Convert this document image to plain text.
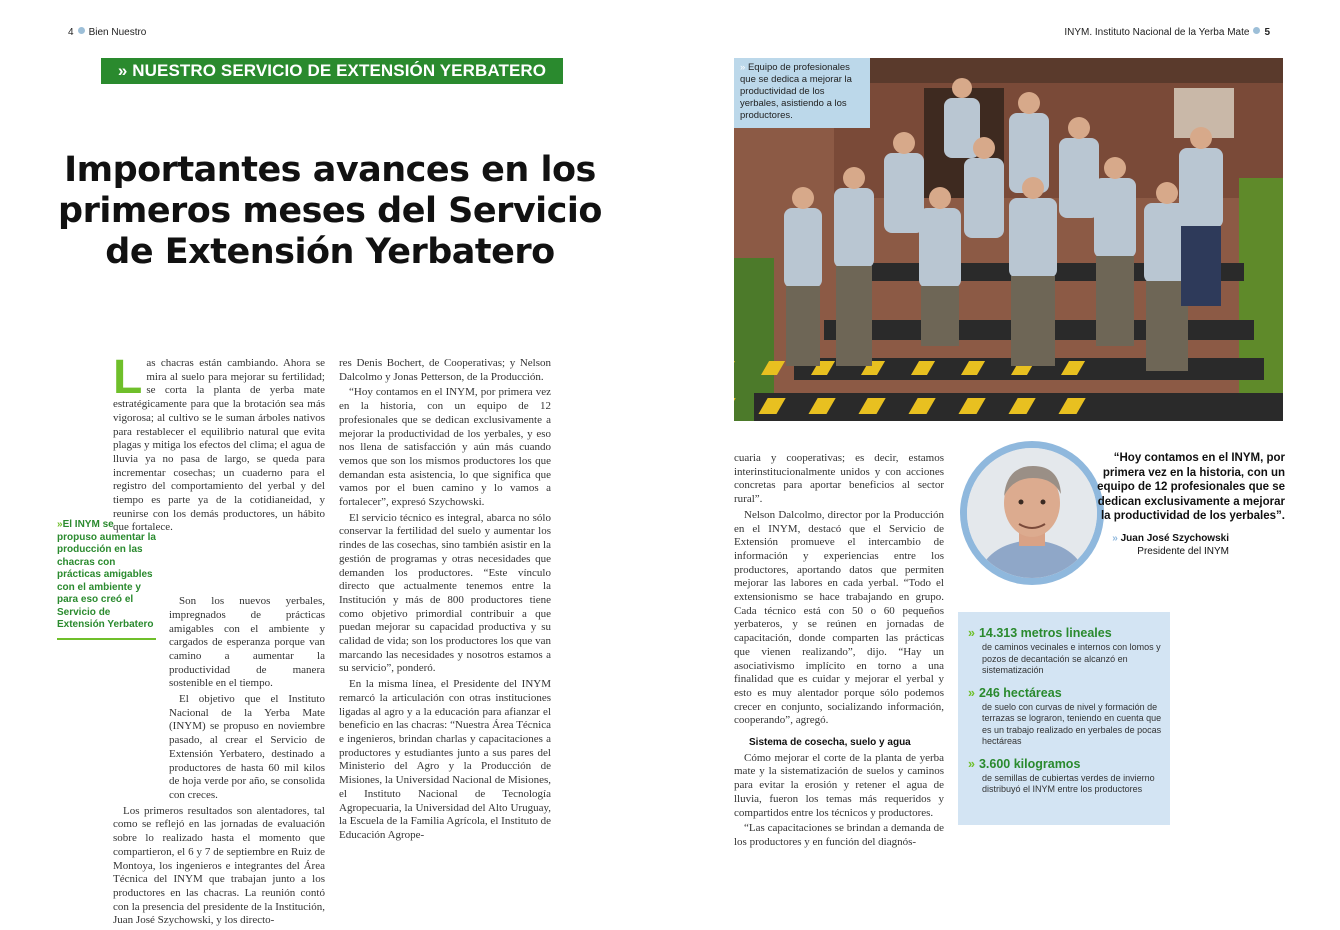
4 Bien Nuestro	INYM. Instituto Nacional de la Yerba Mate 5
» NUESTRO SERVICIO DE EXTENSIÓN YERBATERO
Importantes avances en los primeros meses del Servicio de Extensión Yerbatero
L as chacras están cambiando. Ahora se mira al suelo para mejorar su fertilidad; se corta la planta de yerba mate estratégicamente para que la brotación sea más vigorosa; al cultivo se le suman árboles nativos para restablecer el equilibrio natural que evita plagas y mitiga los efectos del clima; el agua de lluvia ya no pasa de largo, se queda para incrementar cosechas; un cuaderno para el registro del comportamiento del yerbal y del tiempo es parte ya de la cotidianeidad, y reunirse con los demás productores, un hábito que fortalece.

Son los nuevos yerbales, impregnados de prácticas amigables con el ambiente y cargados de esperanza porque van camino a aumentar la productividad de manera sostenible en el tiempo.

El objetivo que el Instituto Nacional de la Yerba Mate (INYM) se propuso en noviembre pasado, al crear el Servicio de Extensión Yerbatero, destinado a productores de hasta 60 mil kilos de hoja verde por año, se consolida con creces.

Los primeros resultados son alentadores, tal como se reflejó en las jornadas de evaluación sobre lo realizado hasta el momento que compartieron, el 6 y 7 de septiembre en Ruiz de Montoya, los ingenieros e integrantes del Área Técnica del INYM que trabajan junto a los productores en las chacras. La reunión contó con la presencia del presidente de la Institución, Juan José Szychowski, y los directo-

»El INYM se propuso aumentar la producción en las chacras con prácticas amigables con el ambiente y para eso creó el Servicio de Extensión Yerbatero

res Denis Bochert, de Cooperativas; y Nelson Dalcolmo y Jonas Petterson, de la Producción.

“Hoy contamos en el INYM, por primera vez en la historia, con un equipo de 12 profesionales que se dedican exclusivamente a mejorar la productividad de los yerbales, y eso nos llena de satisfacción y aún más cuando vemos que son los mismos productores los que demandan esta asistencia, lo que significa que vamos por el buen camino y lo vamos a fortalecer”, expresó Szychowski.

El servicio técnico es integral, abarca no sólo conservar la fertilidad del suelo y aumentar los rindes de las cosechas, sino también asistir en la gestión de programas y otras necesidades que demanden los productores. “Este vínculo directo que actualmente tenemos entre la Institución y más de 800 productores tiene como objetivo primordial contribuir a que puedan mejorar su capacidad productiva y su calidad de vida; son los productores los que van marcando las necesidades y nosotros estamos a su servicio”, ponderó.

En la misma línea, el Presidente del INYM remarcó la articulación con otras instituciones ligadas al agro y a la educación para afianzar el beneficio en las chacras: “Nuestra Área Técnica e ingenieros, brindan charlas y capacitaciones a productores y estudiantes junto a sus pares del Ministerio del Agro y la Producción de Misiones, la Universidad Nacional de Misiones, el Instituto Nacional de Tecnología Agropecuaria, la Universidad del Alto Uruguay, la Escuela de la Familia Agrícola, el Instituto de Educación Agrope-

» Equipo de profesionales que se dedica a mejorar la productividad de los yerbales, asistiendo a los productores.

cuaria y cooperativas; es decir, estamos interinstitucionalmente unidos y con acciones concretas para aportar beneficios al sector rural”.

Nelson Dalcolmo, director por la Producción en el INYM, destacó que el Servicio de Extensión promueve el intercambio de información y experiencias entre los productores, aportando datos que permiten mejorar las labores en cada yerbal. “Todo el extensionismo se hace trabajando en grupo. Cada técnico está con 50 o 60 pequeños yerbateros, y se reúnen en jornadas de capacitación, donde comparten las prácticas que vienen realizando”, dijo. “Hay un asociativismo implícito en torno a una finalidad que es cuidar y mejorar el yerbal y esto es muy alentador porque sólo podemos crecer en conjunto, socializando información, cooperando”, agregó.

Sistema de cosecha, suelo y agua

Cómo mejorar el corte de la planta de yerba mate y la sistematización de suelos y caminos para evitar la erosión y retener el agua de lluvia, fueron los temas más requeridos y compartidos entre los técnicos y productores.

“Las capacitaciones se brindan a demanda de los productores y en función del diagnós-

“Hoy contamos en el INYM, por primera vez en la historia, con un equipo de 12 profesionales que se dedican exclusivamente a mejorar la productividad de los yerbales”.
» Juan José Szychowski
Presidente del INYM
» 14.313 metros lineales
de caminos vecinales e internos con lomos y pozos de decantación se alcanzó en sistematización
» 246 hectáreas
de suelo con curvas de nivel y formación de terrazas se lograron, teniendo en cuenta que es un trabajo realizado en yerbales de pocas hectáreas
» 3.600 kilogramos
de semillas de cubiertas verdes de invierno distribuyó el INYM entre los productores
